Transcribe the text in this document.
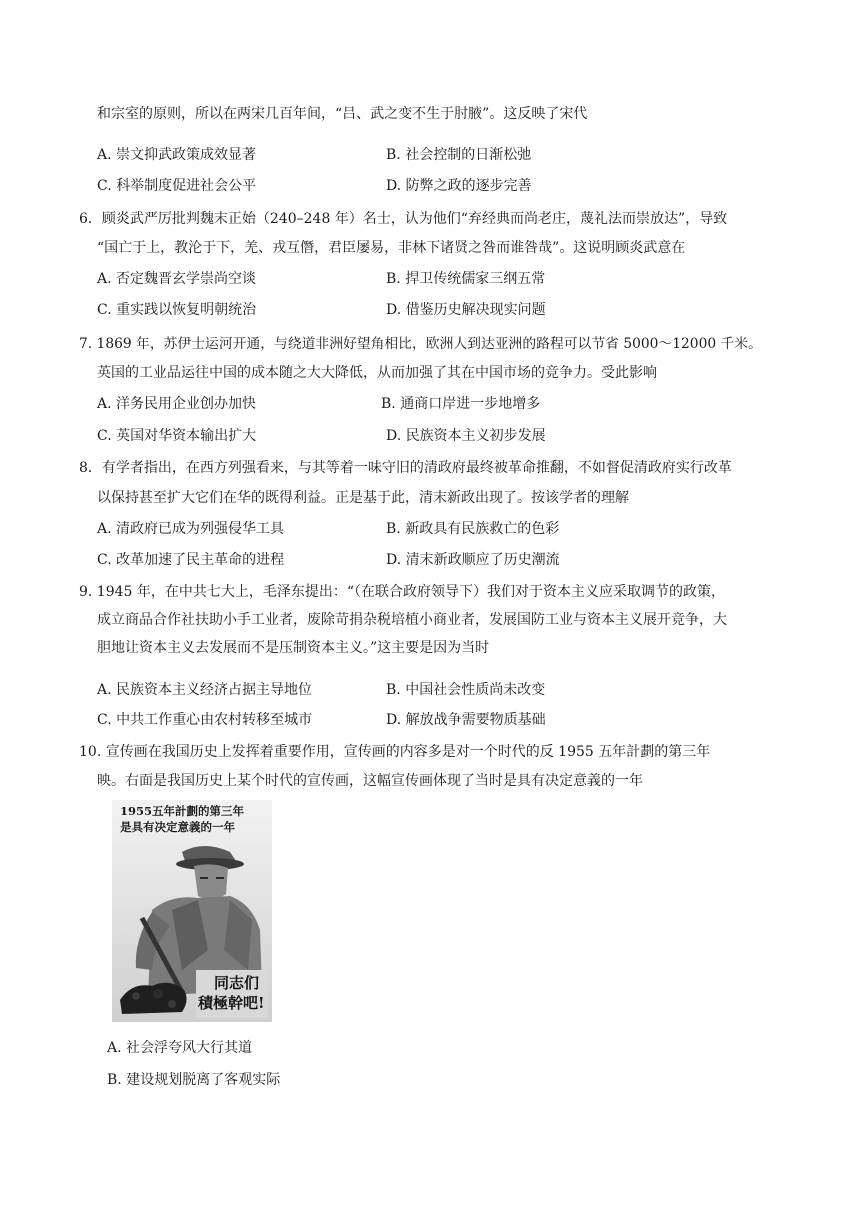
和宗室的原则，所以在两宋几百年间，“吕、武之变不生于肘腋”。这反映了宋代
A. 崇文抑武政策成效显著	B. 社会控制的日渐松弛
C. 科举制度促进社会公平	D. 防弊之政的逐步完善
6．顾炎武严厉批判魏末正始（240–248 年）名士，认为他们“弃经典而尚老庄，蔑礼法而崇放达”，导致
“国亡于上，教沦于下，羌、戎互僭，君臣屡易，非林下诸贤之咎而谁咎哉”。这说明顾炎武意在
A. 否定魏晋玄学崇尚空谈	B. 捍卫传统儒家三纲五常
C. 重实践以恢复明朝统治	D. 借鉴历史解决现实问题
7. 1869 年，苏伊士运河开通，与绕道非洲好望角相比，欧洲人到达亚洲的路程可以节省 5000～12000 千米。
英国的工业品运往中国的成本随之大大降低，从而加强了其在中国市场的竞争力。受此影响
A. 洋务民用企业创办加快	B. 通商口岸进一步地增多
C. 英国对华资本输出扩大	D. 民族资本主义初步发展
8．有学者指出，在西方列强看来，与其等着一味守旧的清政府最终被革命推翻，不如督促清政府实行改革
以保持甚至扩大它们在华的既得利益。正是基于此，清末新政出现了。按该学者的理解
A. 清政府已成为列强侵华工具	B. 新政具有民族救亡的色彩
C. 改革加速了民主革命的进程	D. 清末新政顺应了历史潮流
9. 1945 年，在中共七大上，毛泽东提出：“（在联合政府领导下）我们对于资本主义应采取调节的政策，
成立商品合作社扶助小手工业者，废除苛捐杂税培植小商业者，发展国防工业与资本主义展开竞争，大
胆地让资本主义去发展而不是压制资本主义。”这主要是因为当时
A. 民族资本主义经济占据主导地位	B. 中国社会性质尚未改变
C. 中共工作重心由农村转移至城市	D. 解放战争需要物质基础
10. 宣传画在我国历史上发挥着重要作用，宣传画的内容多是对一个时代的反 1955 五年計劃的第三年
映。右面是我国历史上某个时代的宣传画，这幅宣传画体现了当时是具有决定意義的一年
1955五年計劃的第三年
是具有决定意義的一年
同志们
積極幹吧!
A. 社会浮夸风大行其道
B. 建设规划脱离了客观实际
